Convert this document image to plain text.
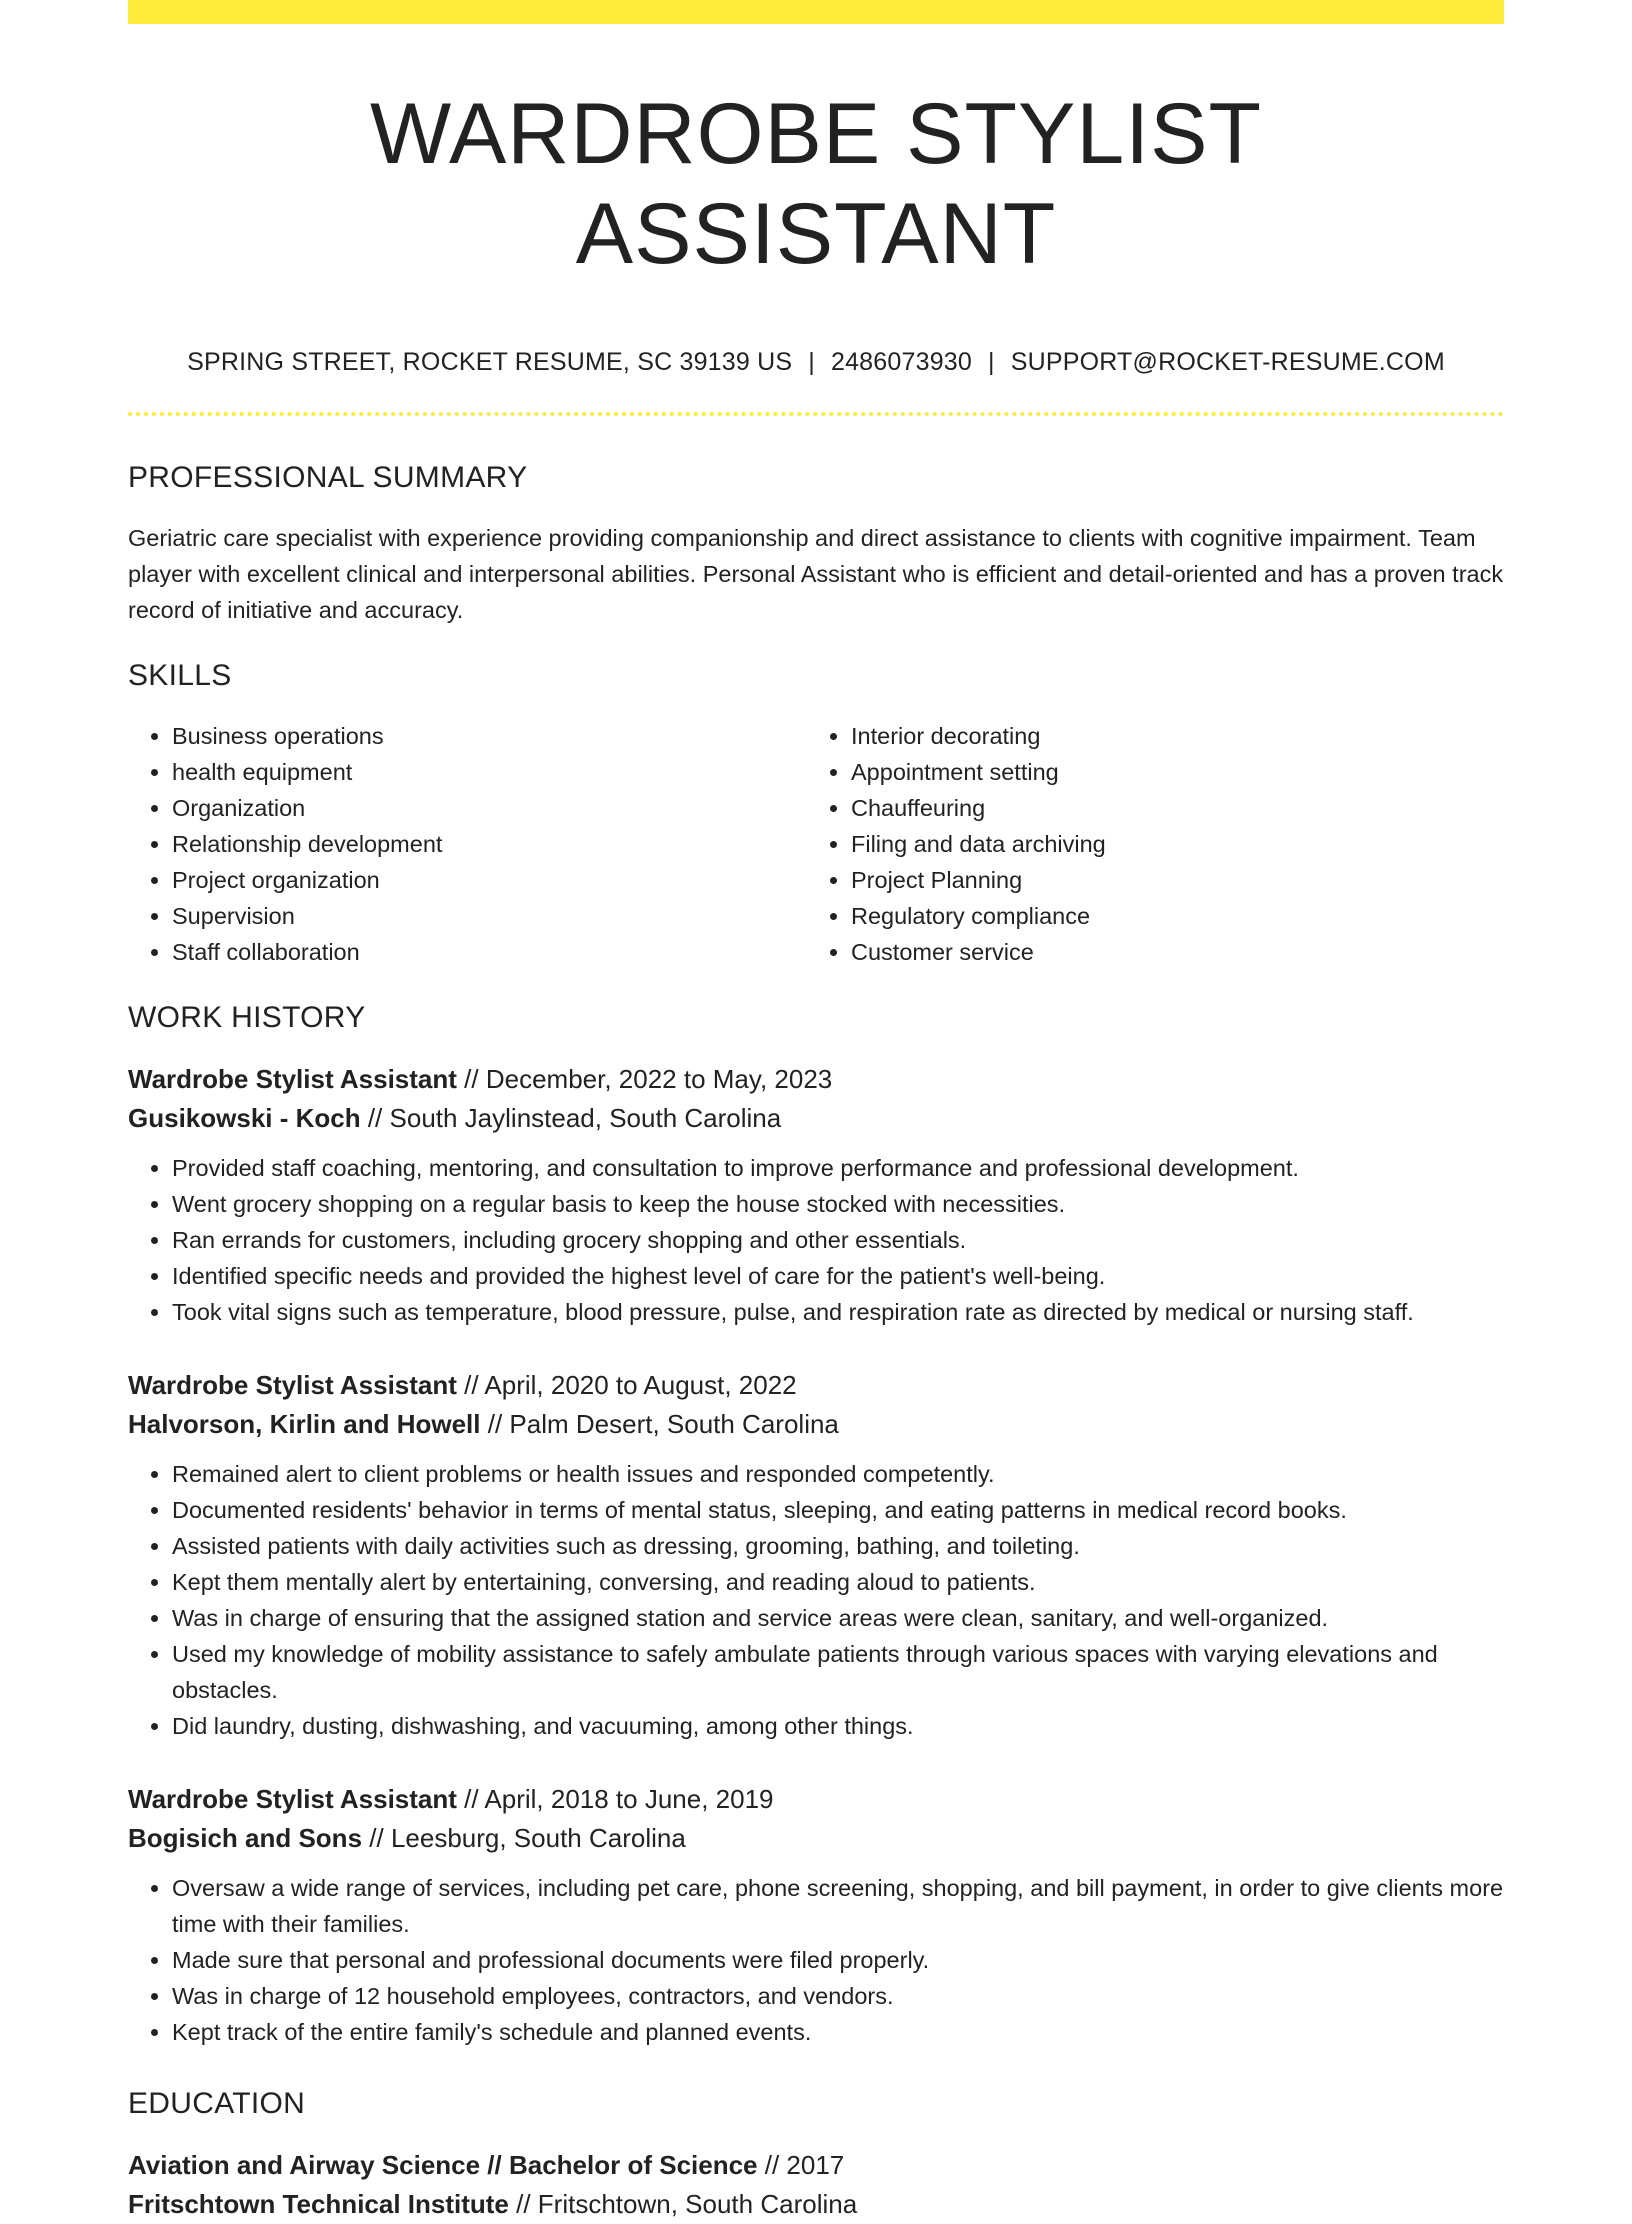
WARDROBE STYLIST ASSISTANT
SPRING STREET, ROCKET RESUME, SC 39139 US | 2486073930 | SUPPORT@ROCKET-RESUME.COM
PROFESSIONAL SUMMARY
Geriatric care specialist with experience providing companionship and direct assistance to clients with cognitive impairment. Team player with excellent clinical and interpersonal abilities. Personal Assistant who is efficient and detail-oriented and has a proven track record of initiative and accuracy.
SKILLS
• Business operations
• health equipment
• Organization
• Relationship development
• Project organization
• Supervision
• Staff collaboration
• Interior decorating
• Appointment setting
• Chauffeuring
• Filing and data archiving
• Project Planning
• Regulatory compliance
• Customer service
WORK HISTORY
Wardrobe Stylist Assistant // December, 2022 to May, 2023
Gusikowski - Koch // South Jaylinstead, South Carolina
• Provided staff coaching, mentoring, and consultation to improve performance and professional development.
• Went grocery shopping on a regular basis to keep the house stocked with necessities.
• Ran errands for customers, including grocery shopping and other essentials.
• Identified specific needs and provided the highest level of care for the patient's well-being.
• Took vital signs such as temperature, blood pressure, pulse, and respiration rate as directed by medical or nursing staff.
Wardrobe Stylist Assistant // April, 2020 to August, 2022
Halvorson, Kirlin and Howell // Palm Desert, South Carolina
• Remained alert to client problems or health issues and responded competently.
• Documented residents' behavior in terms of mental status, sleeping, and eating patterns in medical record books.
• Assisted patients with daily activities such as dressing, grooming, bathing, and toileting.
• Kept them mentally alert by entertaining, conversing, and reading aloud to patients.
• Was in charge of ensuring that the assigned station and service areas were clean, sanitary, and well-organized.
• Used my knowledge of mobility assistance to safely ambulate patients through various spaces with varying elevations and obstacles.
• Did laundry, dusting, dishwashing, and vacuuming, among other things.
Wardrobe Stylist Assistant // April, 2018 to June, 2019
Bogisich and Sons // Leesburg, South Carolina
• Oversaw a wide range of services, including pet care, phone screening, shopping, and bill payment, in order to give clients more time with their families.
• Made sure that personal and professional documents were filed properly.
• Was in charge of 12 household employees, contractors, and vendors.
• Kept track of the entire family's schedule and planned events.
EDUCATION
Aviation and Airway Science // Bachelor of Science // 2017
Fritschtown Technical Institute // Fritschtown, South Carolina
